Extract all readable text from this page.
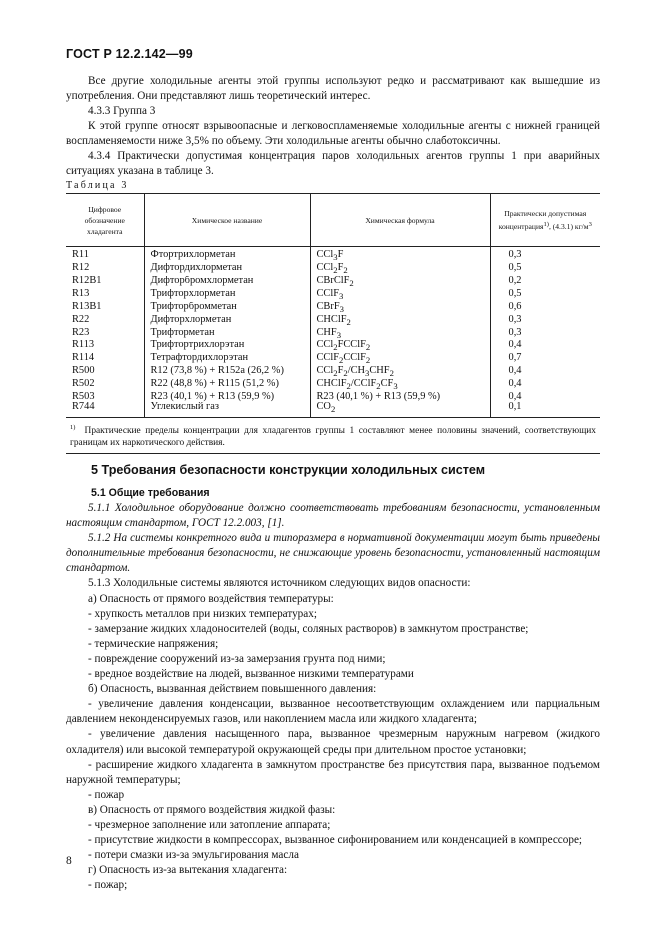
ГОСТ Р 12.2.142—99

Все другие холодильные агенты этой группы используют редко и рассматривают как вышедшие из употребления. Они представляют лишь теоретический интерес.

4.3.3 Группа 3

К этой группе относят взрывоопасные и легковоспламеняемые холодильные агенты с нижней границей воспламеняемости ниже 3,5% по объему. Эти холодильные агенты обычно слаботоксичны.

4.3.4 Практически допустимая концентрация паров холодильных агентов группы 1 при аварийных ситуациях указана в таблице 3.

Таблица 3
Цифровое обозначение хладагента	Химическое название	Химическая формула	Практически допустимая концентрация$^{1)}$, (4.3.1) $кг/м^3$
R11	Фтортрихлорметан	CCl$_3$F	0,3
R12	Дифтордихлорметан	$CCl_2F_2$	0,5
R12B1	Дифторбромхлорметан	CBrClF$_2$	0,2
R13	Трифторхлорметан	CClF$_3$	0,5
R13B1	Трифторбромметан	CBrF$_3$	0,6
R22	Дифторхлорметан	CHClF$_2$	0,3
R23	Трифторметан	$CHF_3$	0,3
R113	Трифтортрихлорэтан	CCl$_2$FCClF$_2$	0,4
R114	Тетрафтордихлорэтан	CClF$_2$CClF$_2$	0,7
R500	R12 (73,8 %) + R152a (26,2 %)	$CCl_2F_2/CH_3CHF_2$	0,4
R502	R22 (48,8 %) + R115 (51,2 %)	$CHClF_2/CClF_2CF_3$	0,4
R503	R23 (40,1 %) + R13 (59,9 %)	R23 (40,1 %) + R13 (59,9 %)	0,4
R744	Углекислый газ	$CO_2$	0,1
$^{1)}$ Практические пределы концентрации для хладагентов группы 1 составляют менее половины значений, соответствующих границам их наркотического действия.			
5 Требования безопасности конструкции холодильных систем
5.1 Общие требования

5.1.1 Холодильное оборудование должно соответствовать требованиям безопасности, установленным настоящим стандартом, ГОСТ 12.2.003, [1].

5.1.2 На системы конкретного вида и типоразмера в нормативной документации могут быть приведены дополнительные требования безопасности, не снижающие уровень безопасности, установленный настоящим стандартом.

5.1.3 Холодильные системы являются источником следующих видов опасности:

а) Опасность от прямого воздействия температуры:

- хрупкость металлов при низких температурах;

- замерзание жидких хладоносителей (воды, соляных растворов) в замкнутом пространстве;

- термические напряжения;

- повреждение сооружений из-за замерзания грунта под ними;

- вредное воздействие на людей, вызванное низкими температурами

б) Опасность, вызванная действием повышенного давления:

- увеличение давления конденсации, вызванное несоответствующим охлаждением или парциальным давлением неконденсируемых газов, или накоплением масла или жидкого хладагента;

- увеличение давления насыщенного пара, вызванное чрезмерным наружным нагревом (жидкого охладителя) или высокой температурой окружающей среды при длительном простое установки;

- расширение жидкого хладагента в замкнутом пространстве без присутствия пара, вызванное подъемом наружной температуры;

- пожар

в) Опасность от прямого воздействия жидкой фазы:

- чрезмерное заполнение или затопление аппарата;

- присутствие жидкости в компрессорах, вызванное сифонированием или конденсацией в компрессоре;

- потери смазки из-за эмульгирования масла

г) Опасность из-за вытекания хладагента:

- пожар;

8
